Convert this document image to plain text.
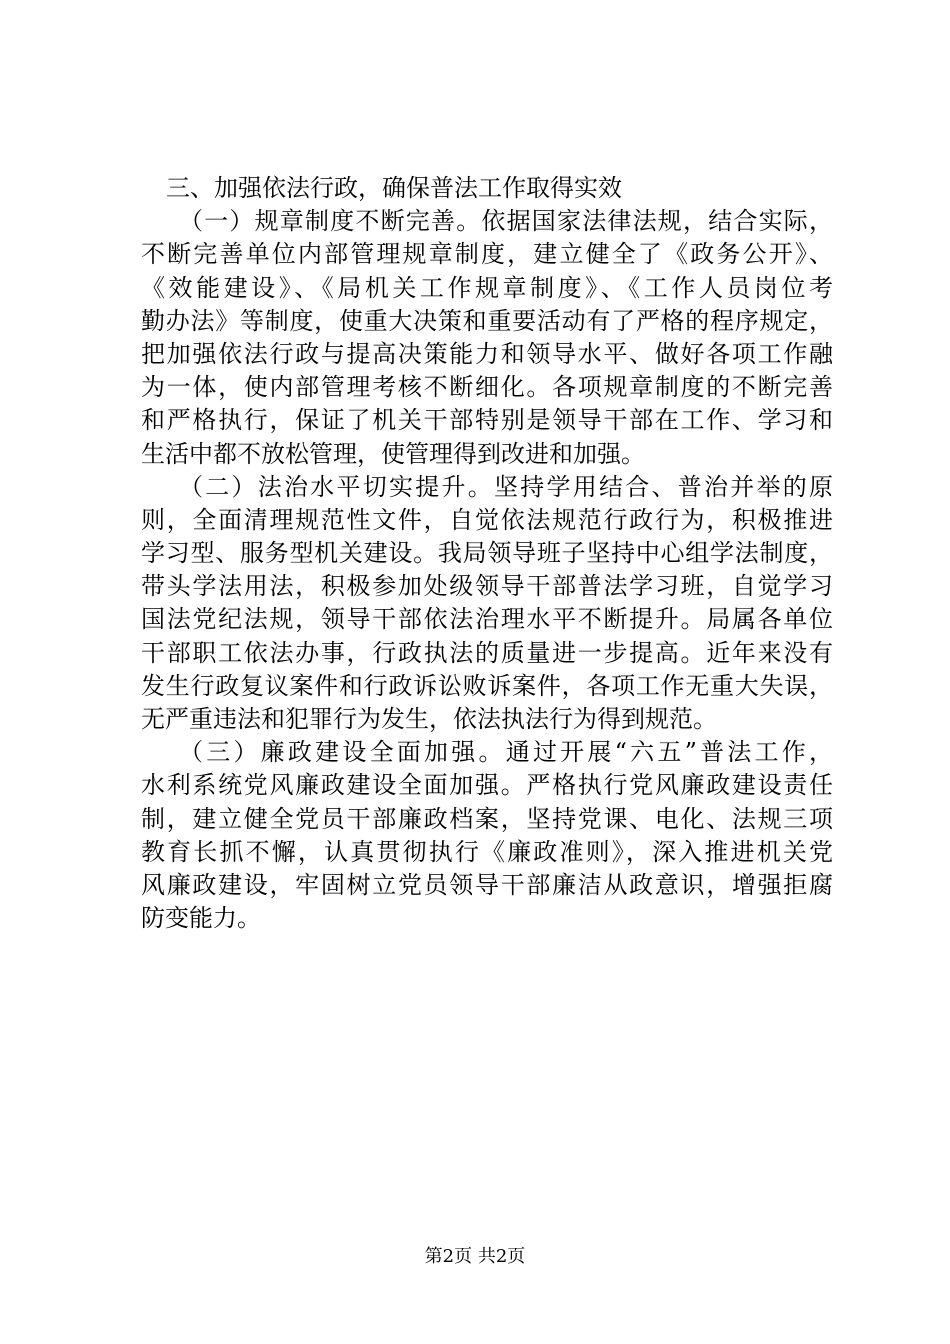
三、加强依法行政，确保普法工作取得实效
（一）规章制度不断完善。依据国家法律法规，结合实际，
不断完善单位内部管理规章制度，建立健全了《政务公开》、
《效能建设》、《局机关工作规章制度》、《工作人员岗位考
勤办法》等制度，使重大决策和重要活动有了严格的程序规定，
把加强依法行政与提高决策能力和领导水平、做好各项工作融
为一体，使内部管理考核不断细化。各项规章制度的不断完善
和严格执行，保证了机关干部特别是领导干部在工作、学习和
生活中都不放松管理，使管理得到改进和加强。
（二）法治水平切实提升。坚持学用结合、普治并举的原
则，全面清理规范性文件，自觉依法规范行政行为，积极推进
学习型、服务型机关建设。我局领导班子坚持中心组学法制度，
带头学法用法，积极参加处级领导干部普法学习班，自觉学习
国法党纪法规，领导干部依法治理水平不断提升。局属各单位
干部职工依法办事，行政执法的质量进一步提高。近年来没有
发生行政复议案件和行政诉讼败诉案件，各项工作无重大失误，
无严重违法和犯罪行为发生，依法执法行为得到规范。
（三）廉政建设全面加强。通过开展“六五”普法工作，
水利系统党风廉政建设全面加强。严格执行党风廉政建设责任
制，建立健全党员干部廉政档案，坚持党课、电化、法规三项
教育长抓不懈，认真贯彻执行《廉政准则》，深入推进机关党
风廉政建设，牢固树立党员领导干部廉洁从政意识，增强拒腐
防变能力。
第2页 共2页
